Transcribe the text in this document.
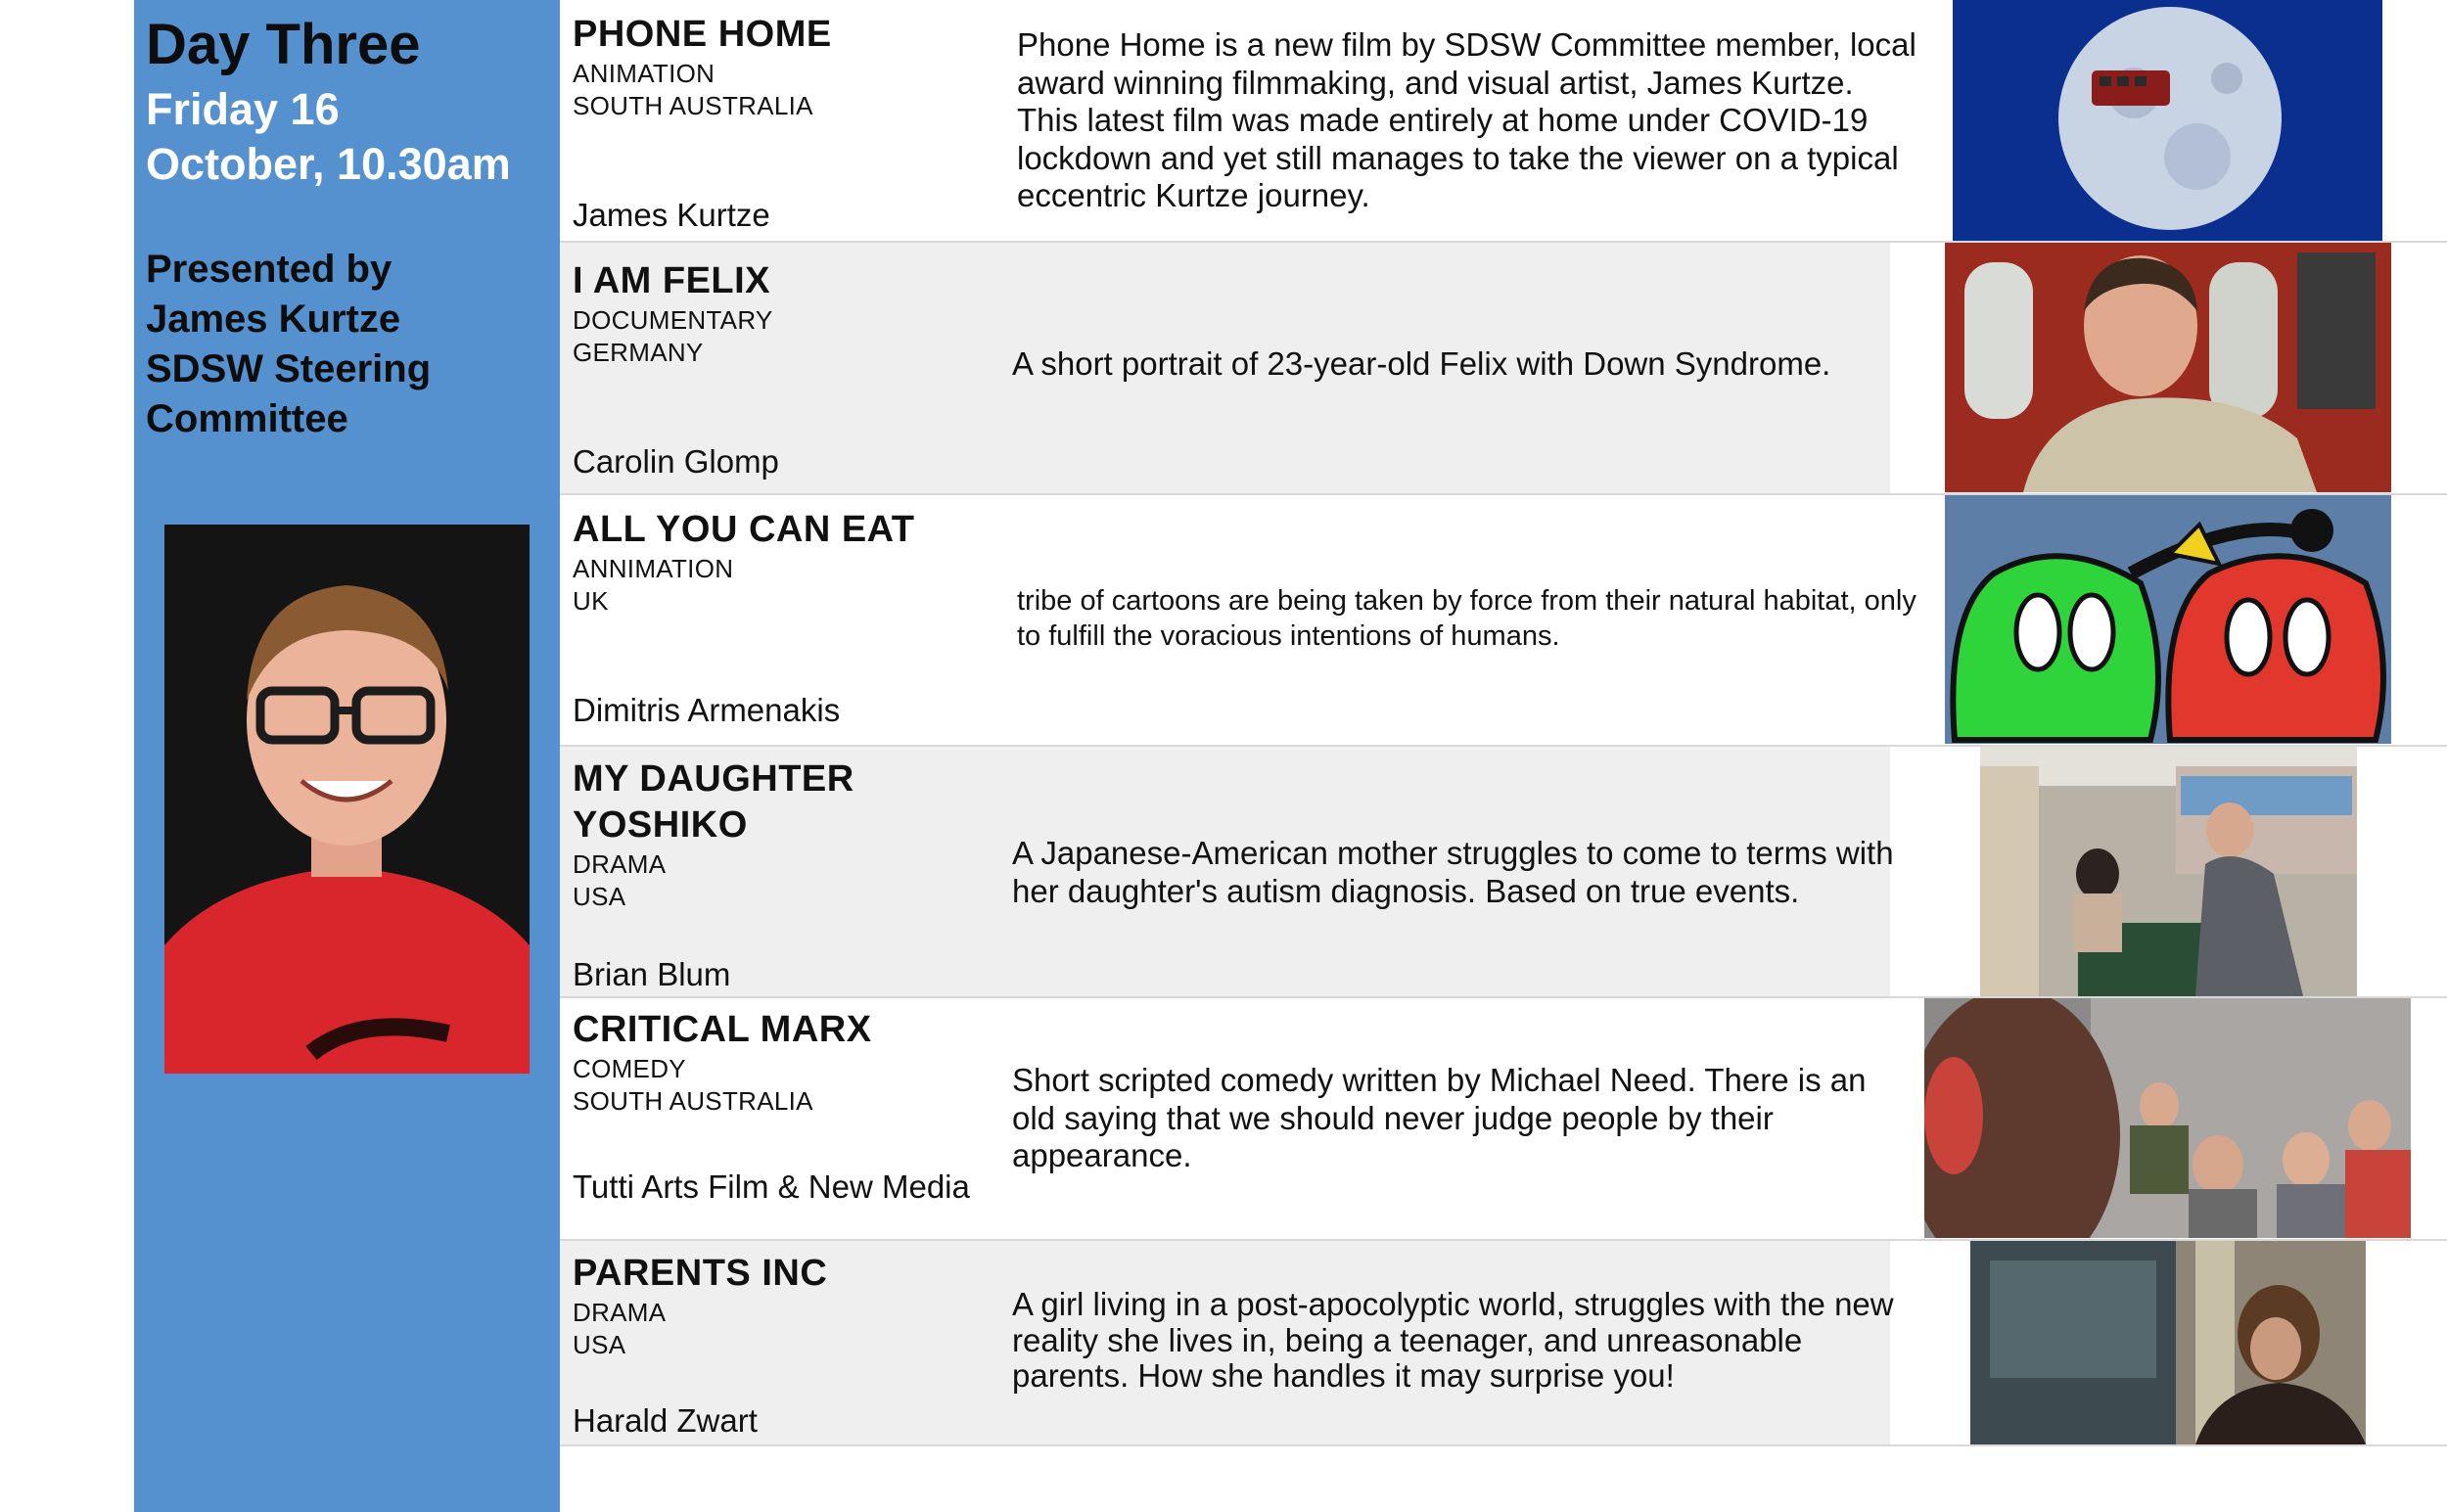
Day Three
Friday 16
October, 10.30am
Presented by
James Kurtze
SDSW Steering
Committee
PHONE HOME
ANIMATION
SOUTH AUSTRALIA
James Kurtze
Phone Home is a new film by SDSW Committee member, local award winning filmmaking, and visual artist, James Kurtze. This latest film was made entirely at home under COVID-19 lockdown and yet still manages to take the viewer on a typical eccentric Kurtze journey.
I AM FELIX
DOCUMENTARY
GERMANY
Carolin Glomp
A short portrait of 23-year-old Felix with Down Syndrome.
ALL YOU CAN EAT
ANNIMATION
UK
Dimitris Armenakis
tribe of cartoons are being taken by force from their natural habitat, only to fulfill the voracious intentions of humans.
MY DAUGHTER YOSHIKO
DRAMA
USA
Brian Blum
A Japanese-American mother struggles to come to terms with her daughter's autism diagnosis. Based on true events.
CRITICAL MARX
COMEDY
SOUTH AUSTRALIA
Tutti Arts Film & New Media
Short scripted comedy written by Michael Need. There is an old saying that we should never judge people by their appearance.
PARENTS INC
DRAMA
USA
Harald Zwart
A girl living in a post-apocolyptic world, struggles with the new reality she lives in, being a teenager, and unreasonable parents. How she handles it may surprise you!
